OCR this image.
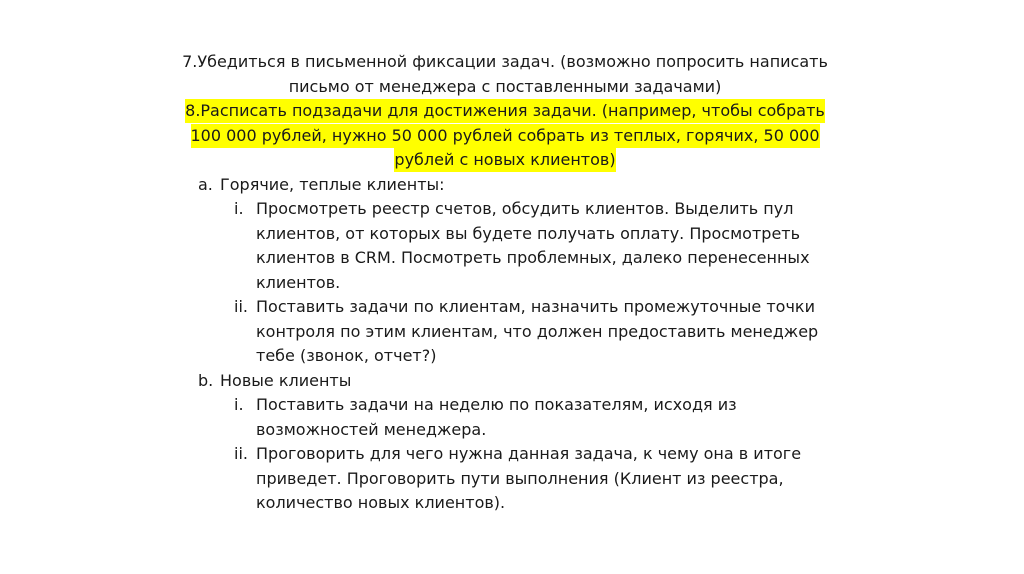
7.Убедиться в письменной фиксации задач. (возможно попросить написать письмо от менеджера с поставленными задачами)

8.Расписать подзадачи для достижения задачи. (например, чтобы собрать 100 000 рублей, нужно 50 000 рублей собрать из теплых, горячих, 50 000 рублей с новых клиентов)
a. Горячие, теплые клиенты:
i. Просмотреть реестр счетов, обсудить клиентов. Выделить пул клиентов, от которых вы будете получать оплату. Просмотреть клиентов в CRM. Посмотреть проблемных, далеко перенесенных клиентов.
ii. Поставить задачи по клиентам, назначить промежуточные точки контроля по этим клиентам, что должен предоставить менеджер тебе (звонок, отчет?)
b. Новые клиенты
i. Поставить задачи на неделю по показателям, исходя из возможностей менеджера.
ii. Проговорить для чего нужна данная задача, к чему она в итоге приведет. Проговорить пути выполнения (Клиент из реестра, количество новых клиентов).
